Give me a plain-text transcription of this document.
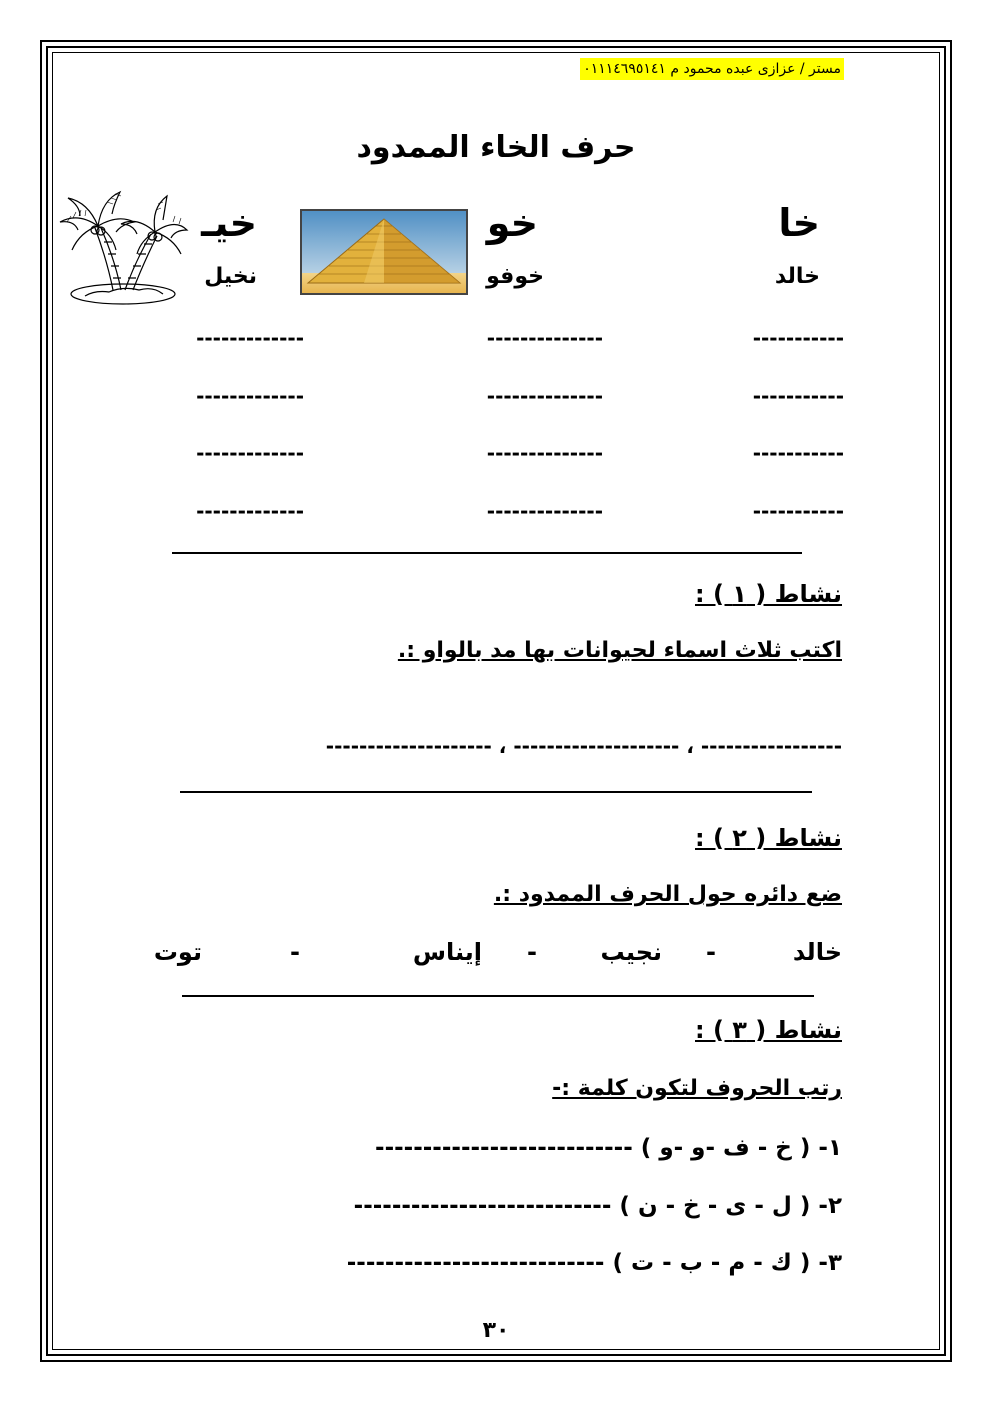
مستر / عزازى عبده محمود م ٠١١١٤٦٩٥١٤١
حرف الخاء الممدود
خا
خالد
خو
خوفو
خيـ
نخيل
-----------
--------------
-------------
-----------
--------------
-------------
-----------
--------------
-------------
-----------
--------------
-------------
نشاط ( ١ ) :
اكتب ثلاث اسماء لحيوانات بها مد بالواو :.
----------------- ، -------------------- ، --------------------
نشاط ( ٢ ) :
ضع دائره حول الحرف الممدود :.
خالد
-
نجيب
-
إيناس
-
توت
نشاط ( ٣ ) :
رتب الحروف لتكون كلمة :-
١- ( خ - ف -و -و ) ---------------------------
٢- ( ل - ى - خ - ن ) ---------------------------
٣- ( ك - م - ب - ت ) ---------------------------
٣٠
